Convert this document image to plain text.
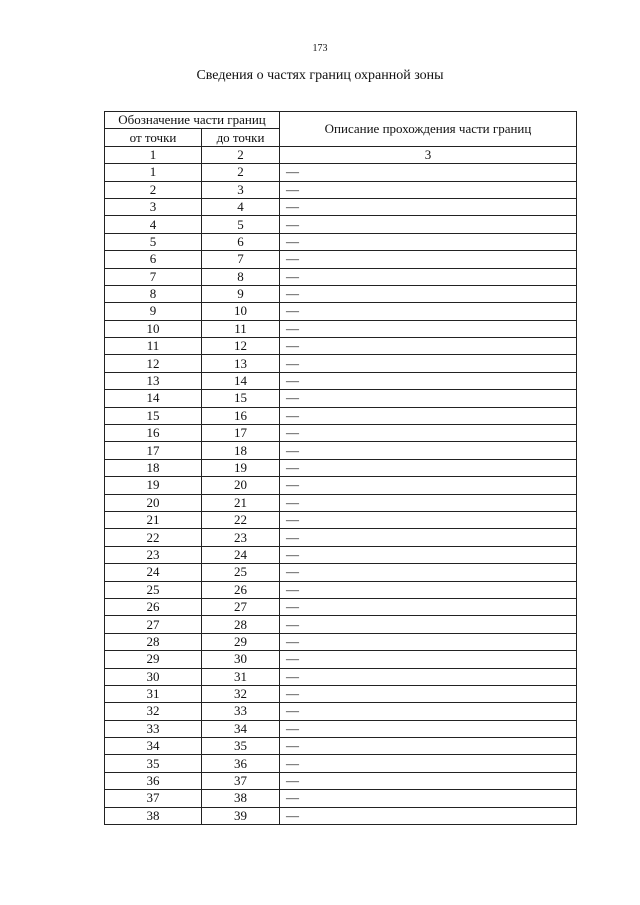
173
Сведения о частях границ охранной зоны
Обозначение части границ		Описание прохождения части границ
от точки	до точки	
1	2	3
1	2	—
2	3	—
3	4	—
4	5	—
5	6	—
6	7	—
7	8	—
8	9	—
9	10	—
10	11	—
11	12	—
12	13	—
13	14	—
14	15	—
15	16	—
16	17	—
17	18	—
18	19	—
19	20	—
20	21	—
21	22	—
22	23	—
23	24	—
24	25	—
25	26	—
26	27	—
27	28	—
28	29	—
29	30	—
30	31	—
31	32	—
32	33	—
33	34	—
34	35	—
35	36	—
36	37	—
37	38	—
38	39	—
